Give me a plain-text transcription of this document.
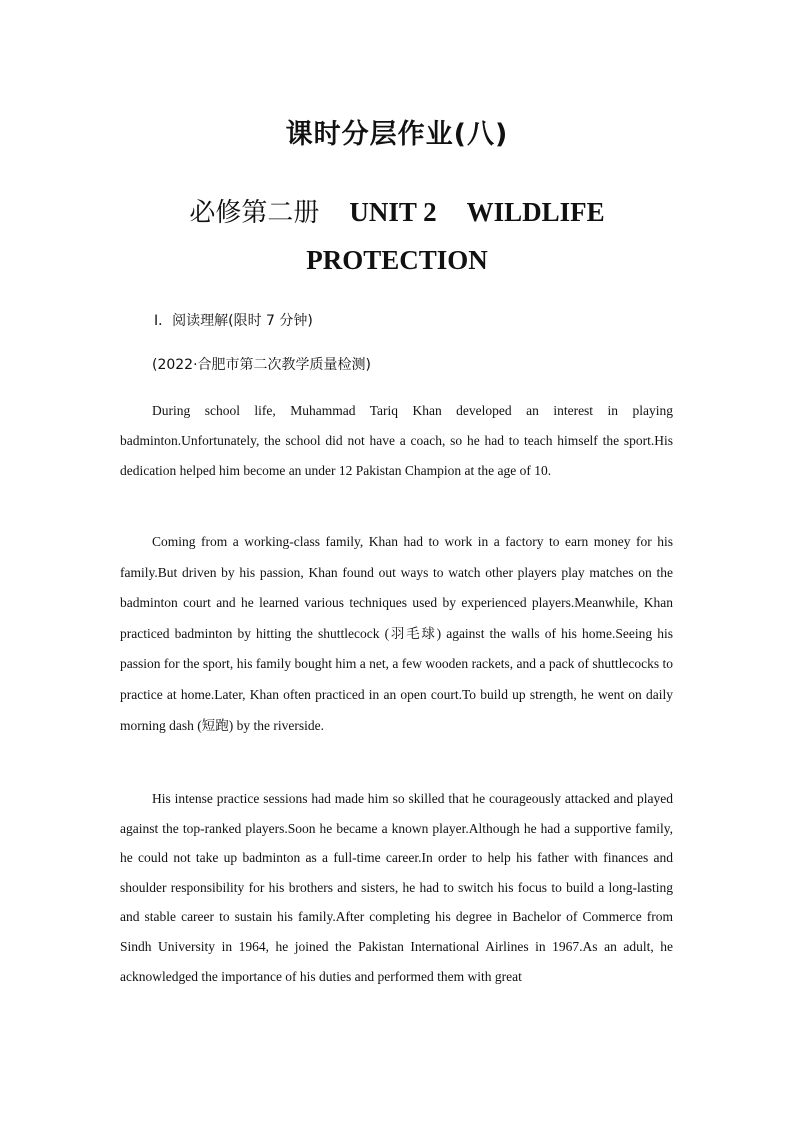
课时分层作业(八)
必修第二册 UNIT 2 WILDLIFE
PROTECTION
Ⅰ．阅读理解(限时 7 分钟)
(2022·合肥市第二次教学质量检测)

During school life, Muhammad Tariq Khan developed an interest in playing badminton.Unfortunately, the school did not have a coach, so he had to teach himself the sport.His dedication helped him become an under 12 Pakistan Champion at the age of 10.

Coming from a working-class family, Khan had to work in a factory to earn money for his family.But driven by his passion, Khan found out ways to watch other players play matches on the badminton court and he learned various techniques used by experienced players.Meanwhile, Khan practiced badminton by hitting the shuttlecock (羽毛球) against the walls of his home.Seeing his passion for the sport, his family bought him a net, a few wooden rackets, and a pack of shuttlecocks to practice at home.Later, Khan often practiced in an open court.To build up strength, he went on daily morning dash (短跑) by the riverside.

His intense practice sessions had made him so skilled that he courageously attacked and played against the top-ranked players.Soon he became a known player.Although he had a supportive family, he could not take up badminton as a full-time career.In order to help his father with finances and shoulder responsibility for his brothers and sisters, he had to switch his focus to build a long-lasting and stable career to sustain his family.After completing his degree in Bachelor of Commerce from Sindh University in 1964, he joined the Pakistan International Airlines in 1967.As an adult, he acknowledged the importance of his duties and performed them with great
